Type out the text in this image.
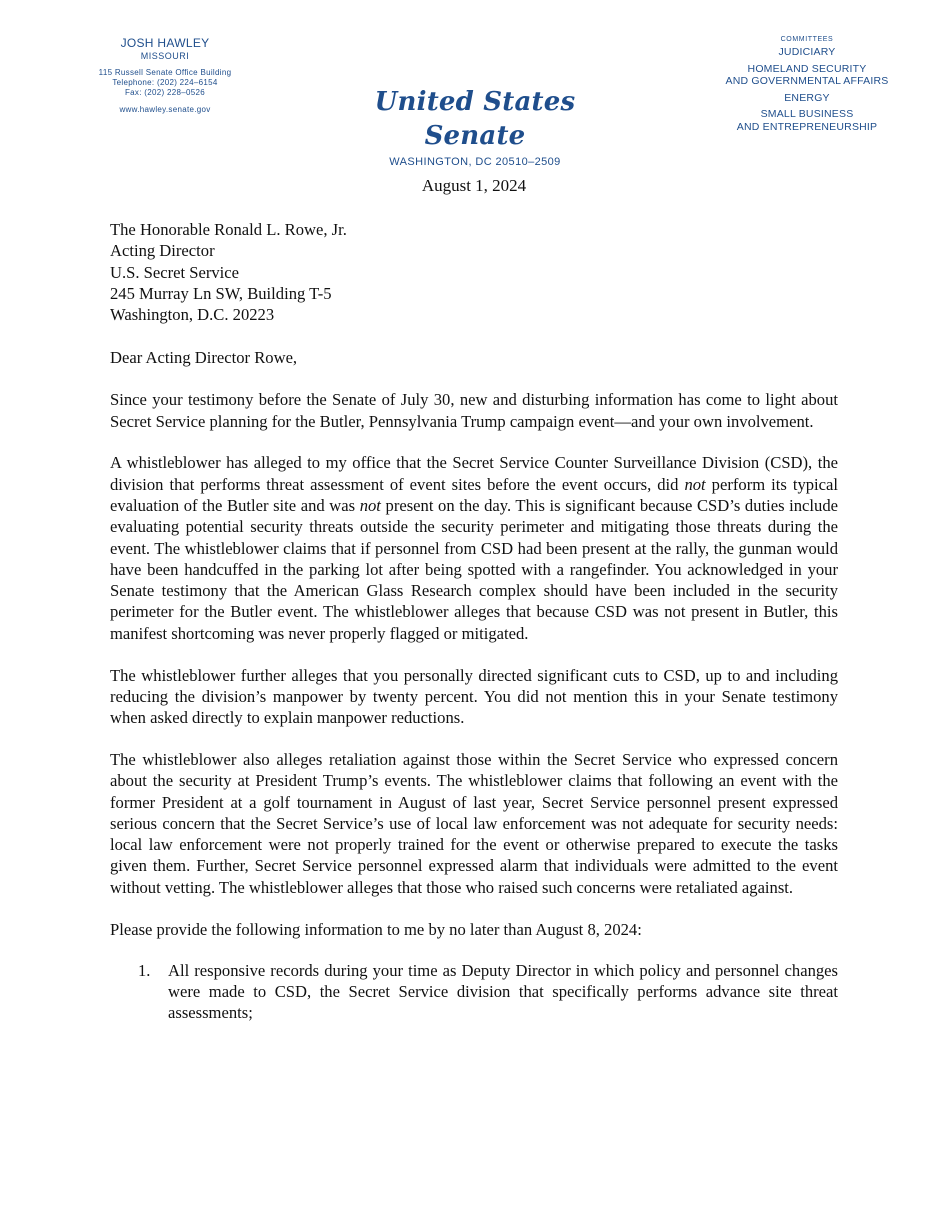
JOSH HAWLEY
MISSOURI
115 Russell Senate Office Building
Telephone: (202) 224–6154
Fax: (202) 228–0526
www.hawley.senate.gov	United States Senate
WASHINGTON, DC 20510–2509
COMMITTEES
JUDICIARY
HOMELAND SECURITY
AND GOVERNMENTAL AFFAIRS
ENERGY
SMALL BUSINESS
AND ENTREPRENEURSHIP
August 1, 2024
The Honorable Ronald L. Rowe, Jr.
Acting Director
U.S. Secret Service
245 Murray Ln SW, Building T-5
Washington, D.C. 20223
Dear Acting Director Rowe,
Since your testimony before the Senate of July 30, new and disturbing information has come to light about Secret Service planning for the Butler, Pennsylvania Trump campaign event—and your own involvement.
A whistleblower has alleged to my office that the Secret Service Counter Surveillance Division (CSD), the division that performs threat assessment of event sites before the event occurs, did not perform its typical evaluation of the Butler site and was not present on the day. This is significant because CSD’s duties include evaluating potential security threats outside the security perimeter and mitigating those threats during the event. The whistleblower claims that if personnel from CSD had been present at the rally, the gunman would have been handcuffed in the parking lot after being spotted with a rangefinder. You acknowledged in your Senate testimony that the American Glass Research complex should have been included in the security perimeter for the Butler event. The whistleblower alleges that because CSD was not present in Butler, this manifest shortcoming was never properly flagged or mitigated.
The whistleblower further alleges that you personally directed significant cuts to CSD, up to and including reducing the division’s manpower by twenty percent. You did not mention this in your Senate testimony when asked directly to explain manpower reductions.
The whistleblower also alleges retaliation against those within the Secret Service who expressed concern about the security at President Trump’s events. The whistleblower claims that following an event with the former President at a golf tournament in August of last year, Secret Service personnel present expressed serious concern that the Secret Service’s use of local law enforcement was not adequate for security needs: local law enforcement were not properly trained for the event or otherwise prepared to execute the tasks given them. Further, Secret Service personnel expressed alarm that individuals were admitted to the event without vetting. The whistleblower alleges that those who raised such concerns were retaliated against.
Please provide the following information to me by no later than August 8, 2024:
1. All responsive records during your time as Deputy Director in which policy and personnel changes were made to CSD, the Secret Service division that specifically performs advance site threat assessments;
